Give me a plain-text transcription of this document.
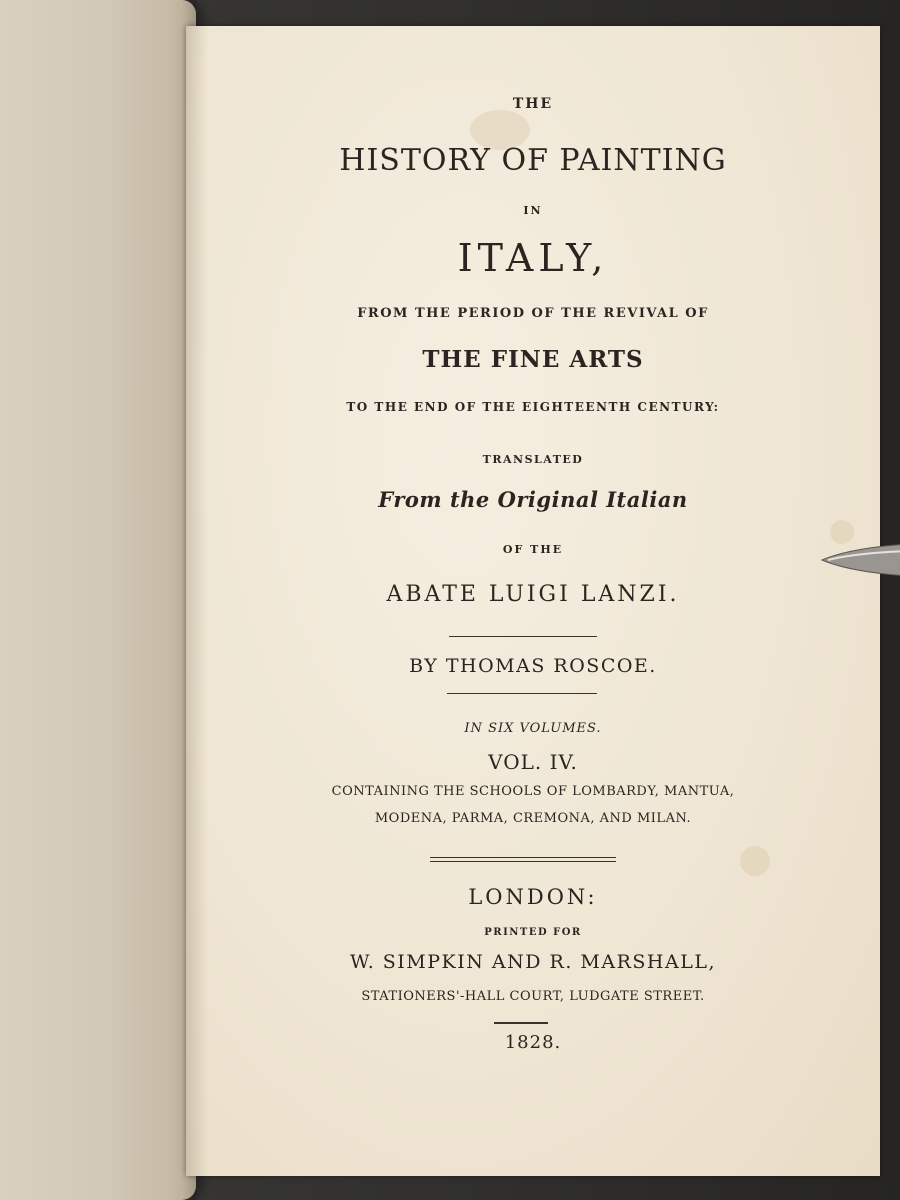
THE
HISTORY OF PAINTING
IN
ITALY,
FROM THE PERIOD OF THE REVIVAL OF
THE FINE ARTS
TO THE END OF THE EIGHTEENTH CENTURY:
TRANSLATED
From the Original Italian
OF THE
ABATE LUIGI LANZI.
BY THOMAS ROSCOE.
IN SIX VOLUMES.
VOL. IV.
CONTAINING THE SCHOOLS OF LOMBARDY, MANTUA,
MODENA, PARMA, CREMONA, AND MILAN.
LONDON:
PRINTED FOR
W. SIMPKIN AND R. MARSHALL,
STATIONERS'-HALL COURT, LUDGATE STREET.
1828.
